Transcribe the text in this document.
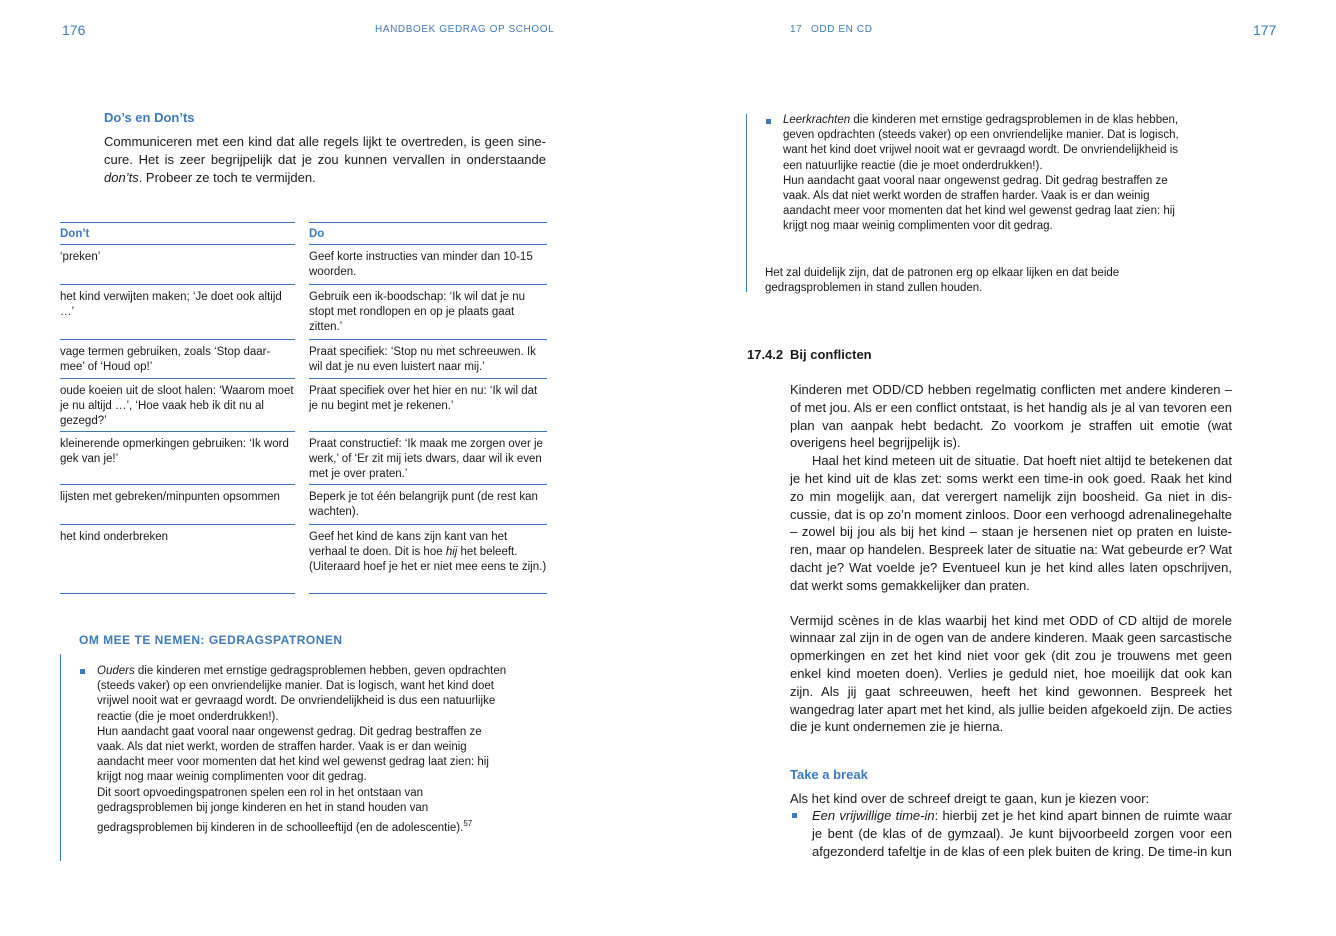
176	HANDBOEK GEDRAG OP SCHOOL
Do’s en Don’ts

Communiceren met een kind dat alle regels lijkt te overtreden, is geen sine-cure. Het is zeer begrijpelijk dat je zou kunnen vervallen in onderstaande don’ts. Probeer ze toch te vermijden.

Don’t
‘preken’
het kind verwijten maken; ‘Je doet ook altijd …’
vage termen gebruiken, zoals ‘Stop daar-mee’ of ‘Houd op!’
oude koeien uit de sloot halen: ‘Waarom moet je nu altijd …’, ‘Hoe vaak heb ik dit nu al gezegd?’
kleinerende opmerkingen gebruiken: ‘Ik word gek van je!’
lijsten met gebreken/minpunten opsommen
het kind onderbreken
Do
Geef korte instructies van minder dan 10-15 woorden.
Gebruik een ik-boodschap: ‘Ik wil dat je nu stopt met rondlopen en op je plaats gaat zitten.’
Praat specifiek: ‘Stop nu met schreeuwen. Ik wil dat je nu even luistert naar mij.’
Praat specifiek over het hier en nu: ‘Ik wil dat je nu begint met je rekenen.’
Praat constructief: ‘Ik maak me zorgen over je werk,’ of ‘Er zit mij iets dwars, daar wil ik even met je over praten.’
Beperk je tot één belangrijk punt (de rest kan wachten).
Geef het kind de kans zijn kant van het verhaal te doen. Dit is hoe hij het beleeft. (Uiteraard hoef je het er niet mee eens te zijn.)
OM MEE TE NEMEN: GEDRAGSPATRONEN

Ouders die kinderen met ernstige gedragsproblemen hebben, geven opdrachten (steeds vaker) op een onvriendelijke manier. Dat is logisch, want het kind doet vrijwel nooit wat er gevraagd wordt. De onvriendelijkheid is dus een natuurlijke reactie (die je moet onderdrukken!).

Hun aandacht gaat vooral naar ongewenst gedrag. Dit gedrag bestraffen ze vaak. Als dat niet werkt, worden de straffen harder. Vaak is er dan weinig aandacht meer voor momenten dat het kind wel gewenst gedrag laat zien: hij krijgt nog maar weinig complimenten voor dit gedrag.

Dit soort opvoedingspatronen spelen een rol in het ontstaan van gedragsproblemen bij jonge kinderen en het in stand houden van gedragsproblemen bij kinderen in de schoolleeftijd (en de adolescentie).$^{57}$

17 ODD EN CD	177

Leerkrachten die kinderen met ernstige gedragsproblemen in de klas hebben, geven opdrachten (steeds vaker) op een onvriendelijke manier. Dat is logisch, want het kind doet vrijwel nooit wat er gevraagd wordt. De onvriendelijkheid is een natuurlijke reactie (die je moet onderdrukken!).

Hun aandacht gaat vooral naar ongewenst gedrag. Dit gedrag bestraffen ze vaak. Als dat niet werkt worden de straffen harder. Vaak is er dan weinig aandacht meer voor momenten dat het kind wel gewenst gedrag laat zien: hij krijgt nog maar weinig complimenten voor dit gedrag.

Het zal duidelijk zijn, dat de patronen erg op elkaar lijken en dat beide gedragsproblemen in stand zullen houden.

17.4.2 Bij conflicten

Kinderen met ODD/CD hebben regelmatig conflicten met andere kinderen – of met jou. Als er een conflict ontstaat, is het handig als je al van tevoren een plan van aanpak hebt bedacht. Zo voorkom je straffen uit emotie (wat overigens heel begrijpelijk is).

Haal het kind meteen uit de situatie. Dat hoeft niet altijd te betekenen dat je het kind uit de klas zet: soms werkt een time-in ook goed. Raak het kind zo min mogelijk aan, dat verergert namelijk zijn boosheid. Ga niet in dis-cussie, dat is op zo’n moment zinloos. Door een verhoogd adrenalinegehalte – zowel bij jou als bij het kind – staan je hersenen niet op praten en luiste-ren, maar op handelen. Bespreek later de situatie na: Wat gebeurde er? Wat dacht je? Wat voelde je? Eventueel kun je het kind alles laten opschrijven, dat werkt soms gemakkelijker dan praten.

Vermijd scènes in de klas waarbij het kind met ODD of CD altijd de morele winnaar zal zijn in de ogen van de andere kinderen. Maak geen sarcastische opmerkingen en zet het kind niet voor gek (dit zou je trouwens met geen enkel kind moeten doen). Verlies je geduld niet, hoe moeilijk dat ook kan zijn. Als jij gaat schreeuwen, heeft het kind gewonnen. Bespreek het wangedrag later apart met het kind, als jullie beiden afgekoeld zijn. De acties die je kunt ondernemen zie je hierna.

Take a break
Als het kind over de schreef dreigt te gaan, kun je kiezen voor:

Een vrijwillige time-in: hierbij zet je het kind apart binnen de ruimte waar je bent (de klas of de gymzaal). Je kunt bijvoorbeeld zorgen voor een afgezonderd tafeltje in de klas of een plek buiten de kring. De time-in kun
